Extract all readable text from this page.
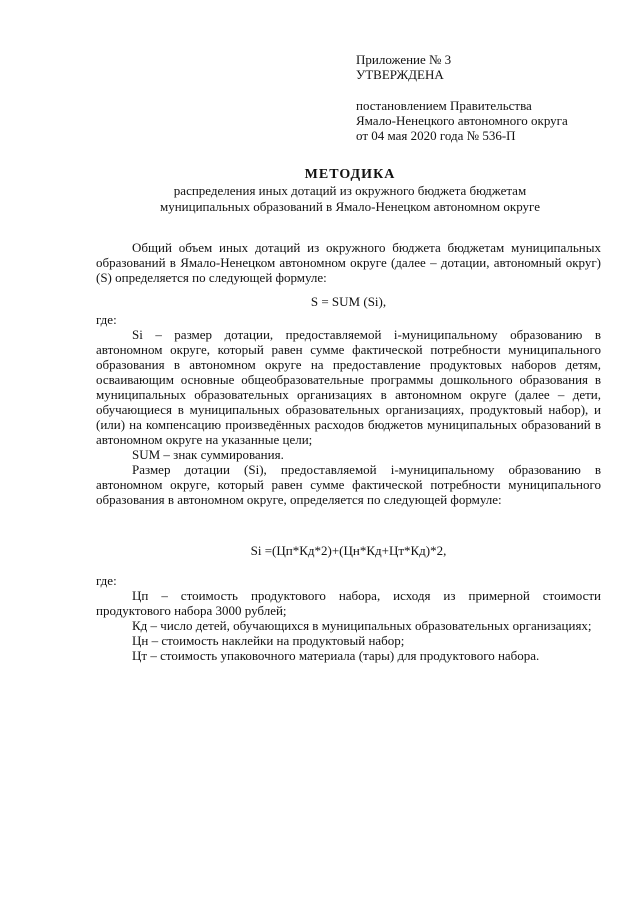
Приложение № 3
УТВЕРЖДЕНА
постановлением Правительства
Ямало-Ненецкого автономного округа
от 04 мая 2020 года № 536-П
МЕТОДИКА
распределения иных дотаций из окружного бюджета бюджетам
муниципальных образований в Ямало-Ненецком автономном округе

Общий объем иных дотаций из окружного бюджета бюджетам муниципальных образований в Ямало-Ненецком автономном округе (далее – дотации, автономный округ) (S) определяется по следующей формуле:

S = SUM (Si),

где:

Si – размер дотации, предоставляемой i-муниципальному образованию в автономном округе, который равен сумме фактической потребности муниципального образования в автономном округе на предоставление продуктовых наборов детям, осваивающим основные общеобразовательные программы дошкольного образования в муниципальных образовательных организациях в автономном округе (далее – дети, обучающиеся в муниципальных образовательных организациях, продуктовый набор), и (или) на компенсацию произведённых расходов бюджетов муниципальных образований в автономном округе на указанные цели;

SUM – знак суммирования.

Размер дотации (Si), предоставляемой i-муниципальному образованию в автономном округе, который равен сумме фактической потребности муниципального образования в автономном округе, определяется по следующей формуле:

Si =(Цп*Кд*2)+(Цн*Кд+Цт*Кд)*2,

где:

Цп – стоимость продуктового набора, исходя из примерной стоимости продуктового набора 3000 рублей;

Кд – число детей, обучающихся в муниципальных образовательных организациях;

Цн – стоимость наклейки на продуктовый набор;

Цт – стоимость упаковочного материала (тары) для продуктового набора.
